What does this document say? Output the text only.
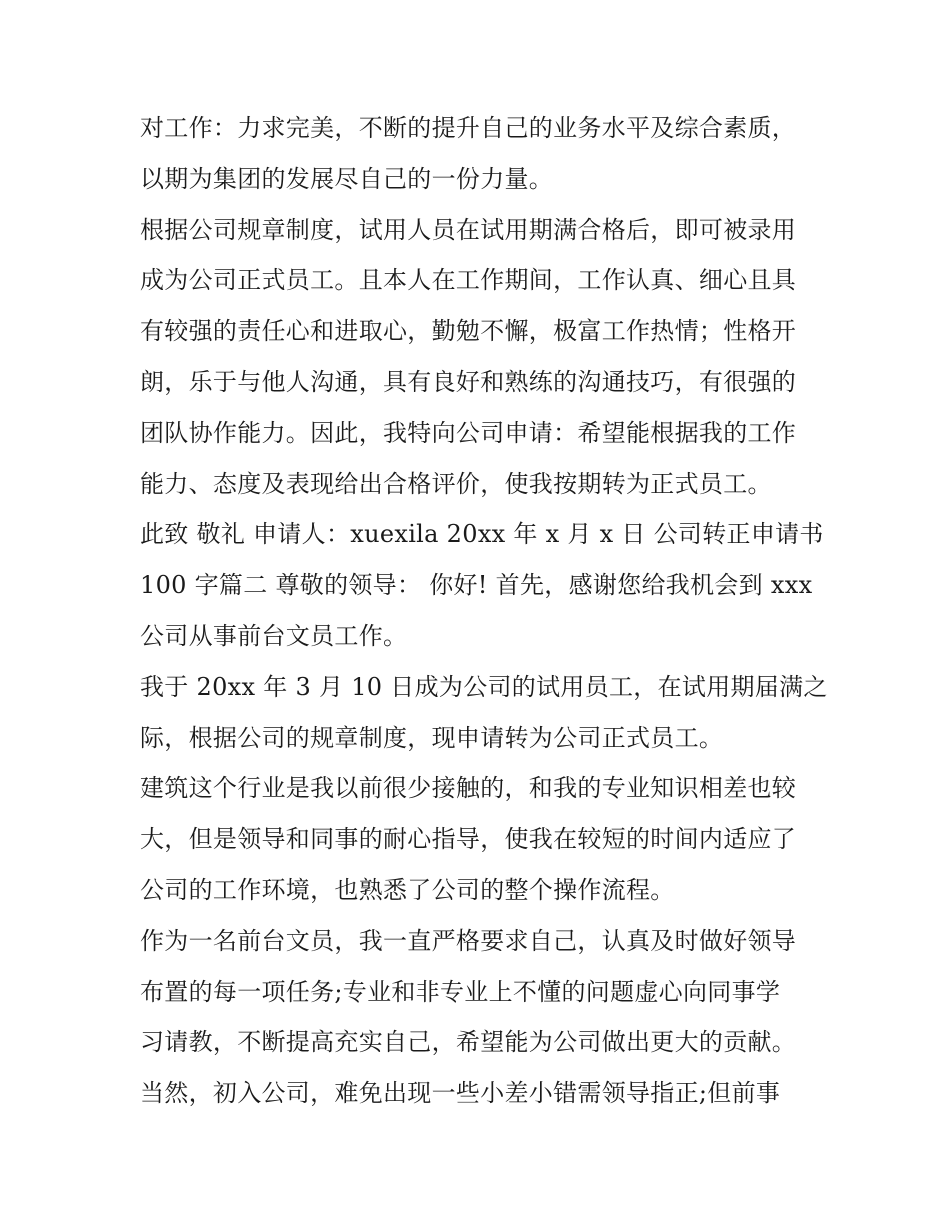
对工作：力求完美，不断的提升自己的业务水平及综合素质，
以期为集团的发展尽自己的一份力量。
根据公司规章制度，试用人员在试用期满合格后，即可被录用
成为公司正式员工。且本人在工作期间，工作认真、细心且具
有较强的责任心和进取心，勤勉不懈，极富工作热情；性格开
朗，乐于与他人沟通，具有良好和熟练的沟通技巧，有很强的
团队协作能力。因此，我特向公司申请：希望能根据我的工作
能力、态度及表现给出合格评价，使我按期转为正式员工。
此致 敬礼 申请人：xuexila 20xx 年 x 月 x 日 公司转正申请书
100 字篇二 尊敬的领导： 你好! 首先，感谢您给我机会到 xxx
公司从事前台文员工作。
我于 20xx 年 3 月 10 日成为公司的试用员工，在试用期届满之
际，根据公司的规章制度，现申请转为公司正式员工。
建筑这个行业是我以前很少接触的，和我的专业知识相差也较
大，但是领导和同事的耐心指导，使我在较短的时间内适应了
公司的工作环境，也熟悉了公司的整个操作流程。
作为一名前台文员，我一直严格要求自己，认真及时做好领导
布置的每一项任务;专业和非专业上不懂的问题虚心向同事学
习请教，不断提高充实自己，希望能为公司做出更大的贡献。
当然，初入公司，难免出现一些小差小错需领导指正;但前事
